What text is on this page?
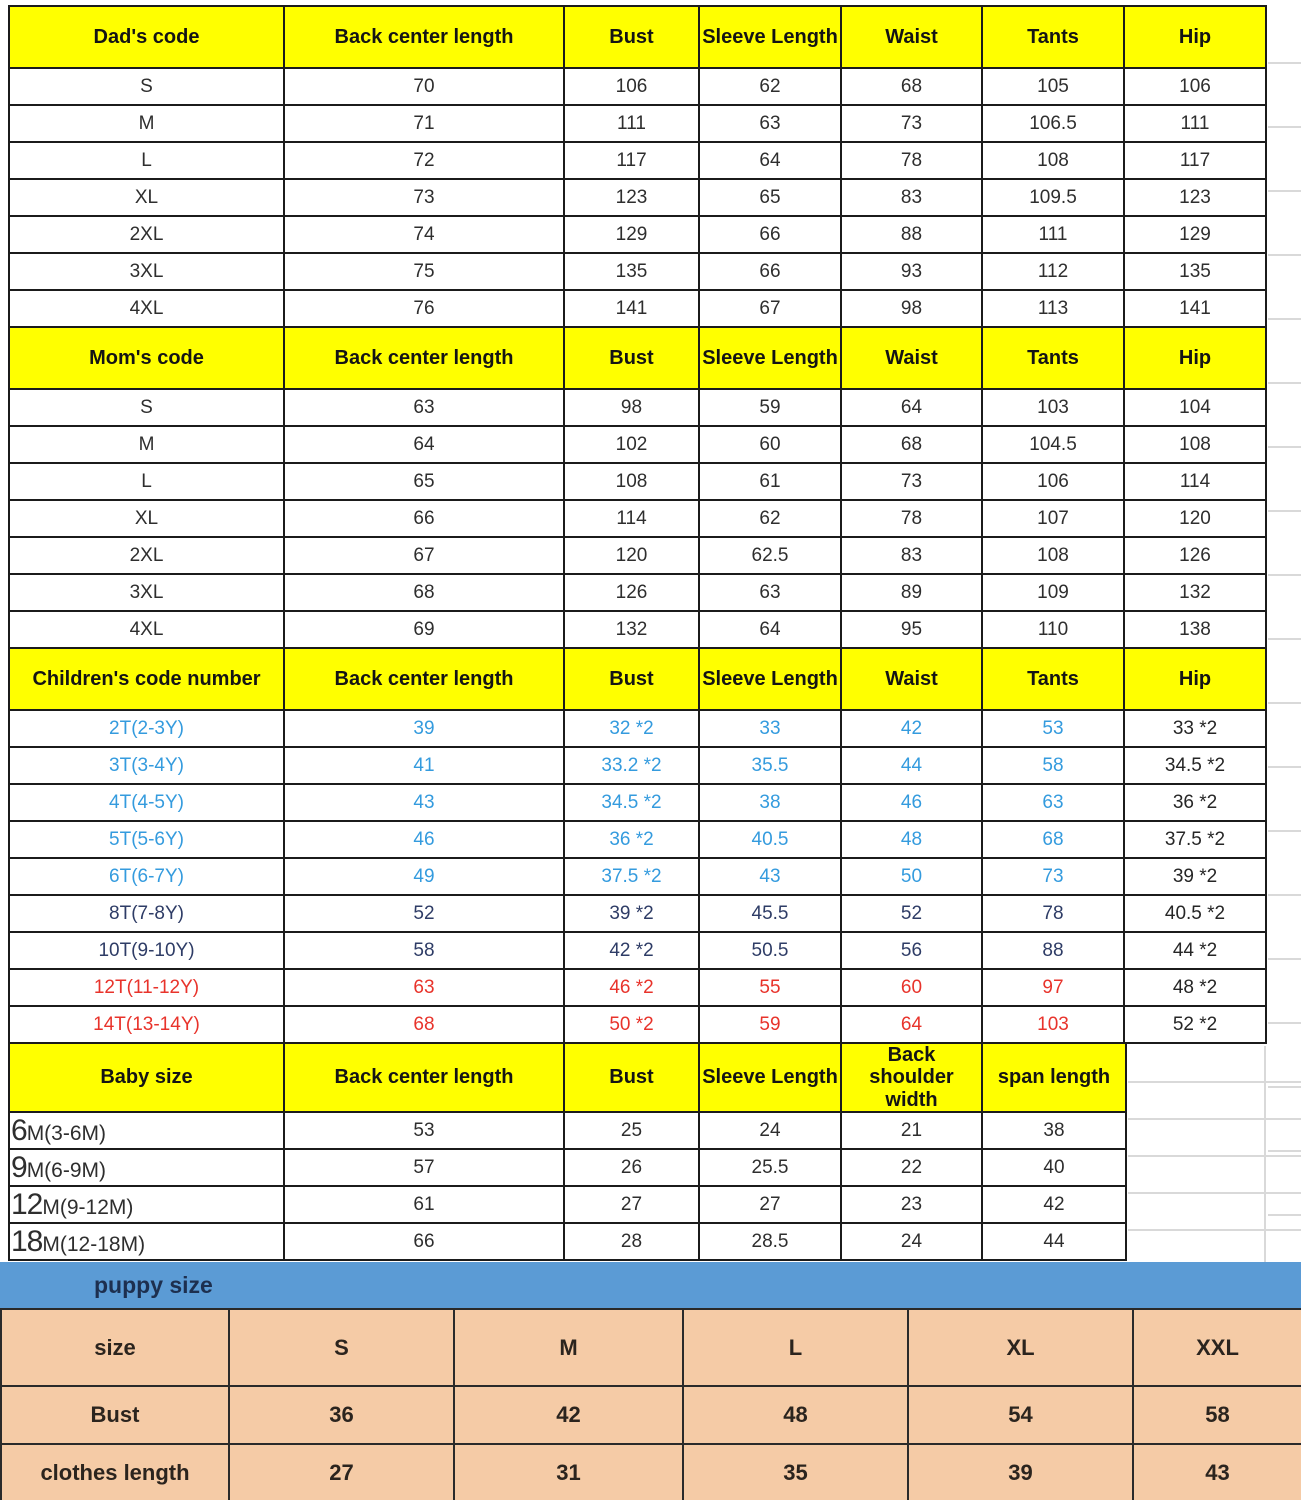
Dad's code	Back center length	Bust	Sleeve Length	Waist	Tants	Hip
S	70	106	62	68	105	106
M	71	111	63	73	106.5	111
L	72	117	64	78	108	117
XL	73	123	65	83	109.5	123
2XL	74	129	66	88	111	129
3XL	75	135	66	93	112	135
4XL	76	141	67	98	113	141
Mom's code	Back center length	Bust	Sleeve Length	Waist	Tants	Hip
S	63	98	59	64	103	104
M	64	102	60	68	104.5	108
L	65	108	61	73	106	114
XL	66	114	62	78	107	120
2XL	67	120	62.5	83	108	126
3XL	68	126	63	89	109	132
4XL	69	132	64	95	110	138
Children's code number	Back center length	Bust	Sleeve Length	Waist	Tants	Hip
2T(2-3Y)	39	32 *2	33	42	53	33 *2
3T(3-4Y)	41	33.2 *2	35.5	44	58	34.5 *2
4T(4-5Y)	43	34.5 *2	38	46	63	36 *2
5T(5-6Y)	46	36 *2	40.5	48	68	37.5 *2
6T(6-7Y)	49	37.5 *2	43	50	73	39 *2
8T(7-8Y)	52	39 *2	45.5	52	78	40.5 *2
10T(9-10Y)	58	42 *2	50.5	56	88	44 *2
12T(11-12Y)	63	46 *2	55	60	97	48 *2
14T(13-14Y)	68	50 *2	59	64	103	52 *2
Baby size	Back center length	Bust	Sleeve Length	Back shoulder width	span length
6M(3-6M)	53	25	24	21	38
9M(6-9M)	57	26	25.5	22	40
12M(9-12M)	61	27	27	23	42
18M(12-18M)	66	28	28.5	24	44
puppy size
size	S	M	L	XL	XXL
Bust	36	42	48	54	58
clothes length	27	31	35	39	43
